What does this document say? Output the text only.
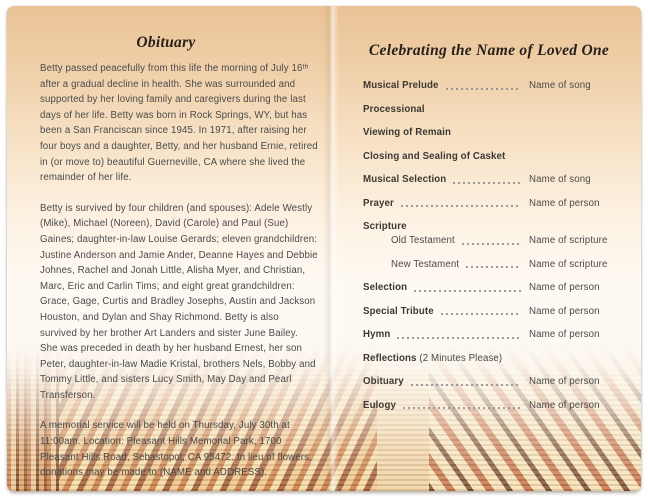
Obituary

Betty passed peacefully from this life the morning of July 16ᵗʰ after a gradual decline in health. She was surrounded and supported by her loving family and caregivers during the last days of her life. Betty was born in Rock Springs, WY, but has been a San Franciscan since 1945. In 1971, after raising her four boys and a daughter, Betty, and her husband Ernie, retired in (or move to) beautiful Guerneville, CA where she lived the remainder of her life.

Betty is survived by four children (and spouses): Adele Westly (Mike), Michael (Noreen), David (Carole) and Paul (Sue) Gaines; daughter-in-law Louise Gerards; eleven grandchildren: Justine Anderson and Jamie Ander, Deanne Hayes and Debbie Johnes, Rachel and Jonah Little, Alisha Myer, and Christian, Marc, Eric and Carlin Tims; and eight great grandchildren: Grace, Gage, Curtis and Bradley Josephs, Austin and Jackson Houston, and Dylan and Shay Richmond. Betty is also survived by her brother Art Landers and sister June Bailey. She was preceded in death by her husband Ernest, her son Peter, daughter-in-law Madie Kristal, brothers Nels, Bobby and Tommy Little, and sisters Lucy Smith, May Day and Pearl Transferson.

A memorial service will be held on Thursday, July 30th at 11:00am. Location: Pleasant Hills Memorial Park, 1700 Pleasant Hills Road, Sebastopol, CA 95472. In lieu of flowers, donations may be made to (NAME and ADDRESS).

Celebrating the Name of Loved One
Musical Prelude	Name of song
Processional
Viewing of Remain
Closing and Sealing of Casket
Musical Selection	Name of song
Prayer	Name of person
Scripture
Old Testament	Name of scripture
New Testament	Name of scripture
Selection	Name of person
Special Tribute	Name of person
Hymn	Name of person
Reflections (2 Minutes Please)
Obituary	Name of person
Eulogy	Name of person
